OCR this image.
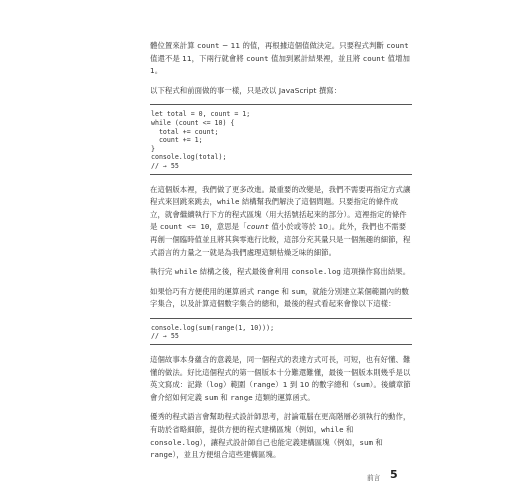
體位置來計算 count − 11 的值，再根據這個值做決定。只要程式判斷 count 值還不是 11，下兩行就會將 count 值加到累計結果裡，並且將 count 值增加 1。

以下程式和前面做的事一樣，只是改以 JavaScript 撰寫：

let total = 0, count = 1;
while (count <= 10) {
total += count;
count += 1;
}
console.log(total);
// → 55

在這個版本裡，我們做了更多改進。最重要的改變是，我們不需要再指定方式讓程式來回跳來跳去，while 結構幫我們解決了這個問題。只要指定的條件成立，就會繼續執行下方的程式區塊（用大括號括起來的部分）。這裡指定的條件是 count <= 10，意思是「count 值小於或等於 10」。此外，我們也不需要再創一個臨時值並且將其與零進行比較，這部分充其量只是一個無趣的細節，程式語言的力量之一就是為我們處理這類枯燥乏味的細節。

執行完 while 結構之後，程式最後會利用 console.log 這項操作寫出結果。

如果恰巧有方便使用的運算函式 range 和 sum，就能分別建立某個範圍內的數字集合，以及計算這個數字集合的總和，最後的程式看起來會像以下這樣：

console.log(sum(range(1, 10)));
// → 55

這個故事本身蘊含的意義是，同一個程式的表達方式可長，可短，也有好懂、難懂的做法。好比這個程式的第一個版本十分難還難懂，最後一個版本則幾乎是以英文寫成：記錄（log）範圍（range）1 到 10 的數字總和（sum）。後續章節會介紹如何定義 sum 和 range 這類的運算函式。

優秀的程式語言會幫助程式設計師思考，討論電腦在更高階層必須執行的動作，有助於省略細節，提供方便的程式建構區塊（例如，while 和 console.log），讓程式設計師自己也能定義建構區塊（例如，sum 和 range），並且方便組合這些建構區塊。

前言 5
